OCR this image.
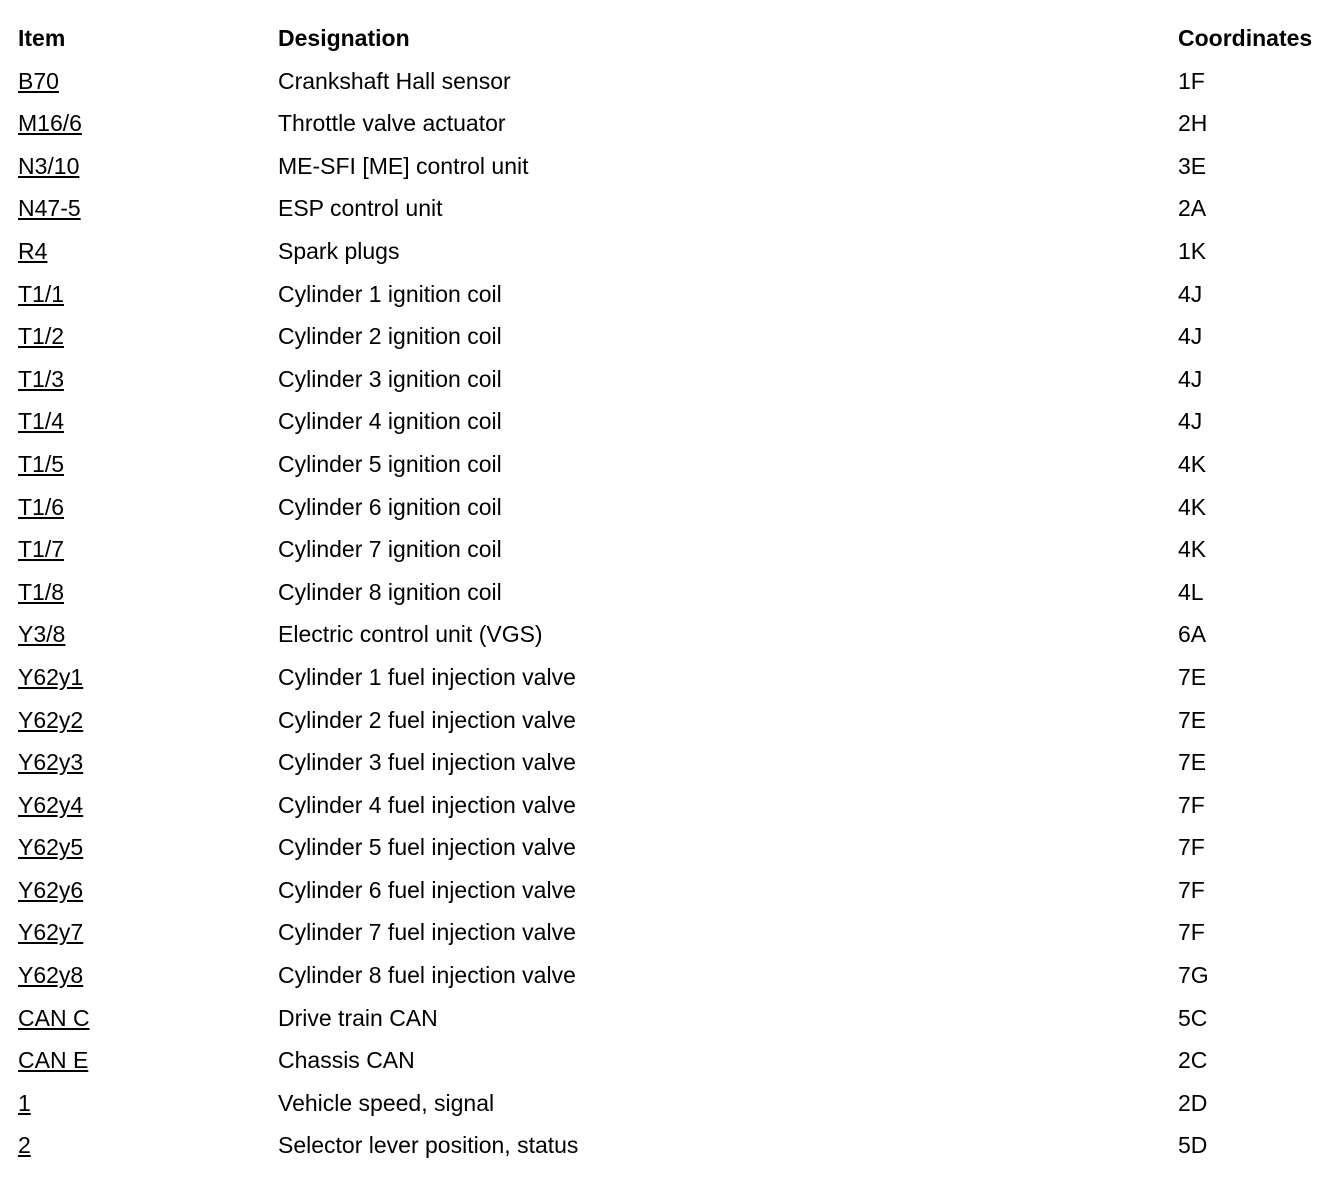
Item	Designation	Coordinates
B70	Crankshaft Hall sensor	1F
M16/6	Throttle valve actuator	2H
N3/10	ME-SFI [ME] control unit	3E
N47-5	ESP control unit	2A
R4	Spark plugs	1K
T1/1	Cylinder 1 ignition coil	4J
T1/2	Cylinder 2 ignition coil	4J
T1/3	Cylinder 3 ignition coil	4J
T1/4	Cylinder 4 ignition coil	4J
T1/5	Cylinder 5 ignition coil	4K
T1/6	Cylinder 6 ignition coil	4K
T1/7	Cylinder 7 ignition coil	4K
T1/8	Cylinder 8 ignition coil	4L
Y3/8	Electric control unit (VGS)	6A
Y62y1	Cylinder 1 fuel injection valve	7E
Y62y2	Cylinder 2 fuel injection valve	7E
Y62y3	Cylinder 3 fuel injection valve	7E
Y62y4	Cylinder 4 fuel injection valve	7F
Y62y5	Cylinder 5 fuel injection valve	7F
Y62y6	Cylinder 6 fuel injection valve	7F
Y62y7	Cylinder 7 fuel injection valve	7F
Y62y8	Cylinder 8 fuel injection valve	7G
CAN C	Drive train CAN	5C
CAN E	Chassis CAN	2C
1	Vehicle speed, signal	2D
2	Selector lever position, status	5D
